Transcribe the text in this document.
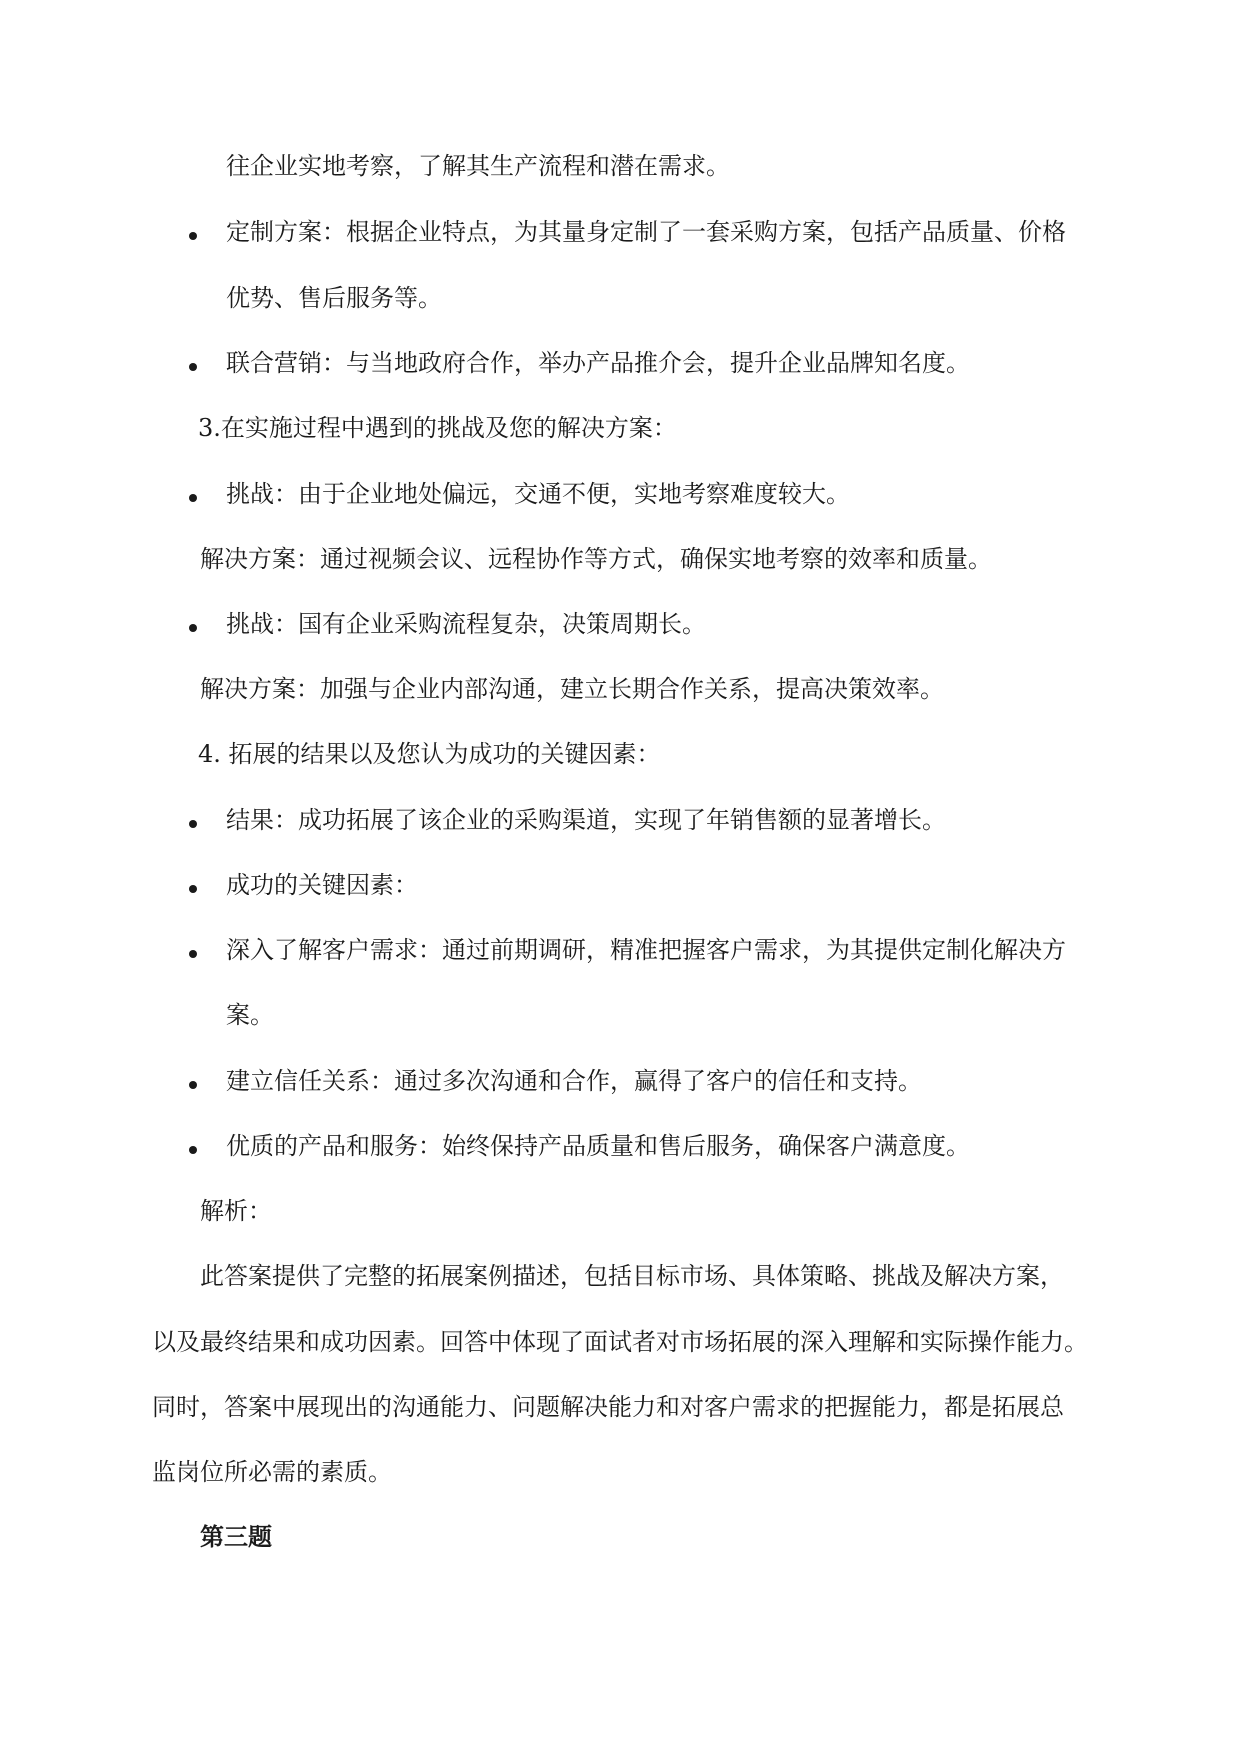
往企业实地考察，了解其生产流程和潜在需求。
定制方案：根据企业特点，为其量身定制了一套采购方案，包括产品质量、价格
优势、售后服务等。
联合营销：与当地政府合作，举办产品推介会，提升企业品牌知名度。
3.在实施过程中遇到的挑战及您的解决方案：
挑战：由于企业地处偏远，交通不便，实地考察难度较大。
解决方案：通过视频会议、远程协作等方式，确保实地考察的效率和质量。
挑战：国有企业采购流程复杂，决策周期长。
解决方案：加强与企业内部沟通，建立长期合作关系，提高决策效率。
4. 拓展的结果以及您认为成功的关键因素：
结果：成功拓展了该企业的采购渠道，实现了年销售额的显著增长。
成功的关键因素：
深入了解客户需求：通过前期调研，精准把握客户需求，为其提供定制化解决方
案。
建立信任关系：通过多次沟通和合作，赢得了客户的信任和支持。
优质的产品和服务：始终保持产品质量和售后服务，确保客户满意度。
解析：
此答案提供了完整的拓展案例描述，包括目标市场、具体策略、挑战及解决方案，
以及最终结果和成功因素。回答中体现了面试者对市场拓展的深入理解和实际操作能力。
同时，答案中展现出的沟通能力、问题解决能力和对客户需求的把握能力，都是拓展总
监岗位所必需的素质。
第三题
